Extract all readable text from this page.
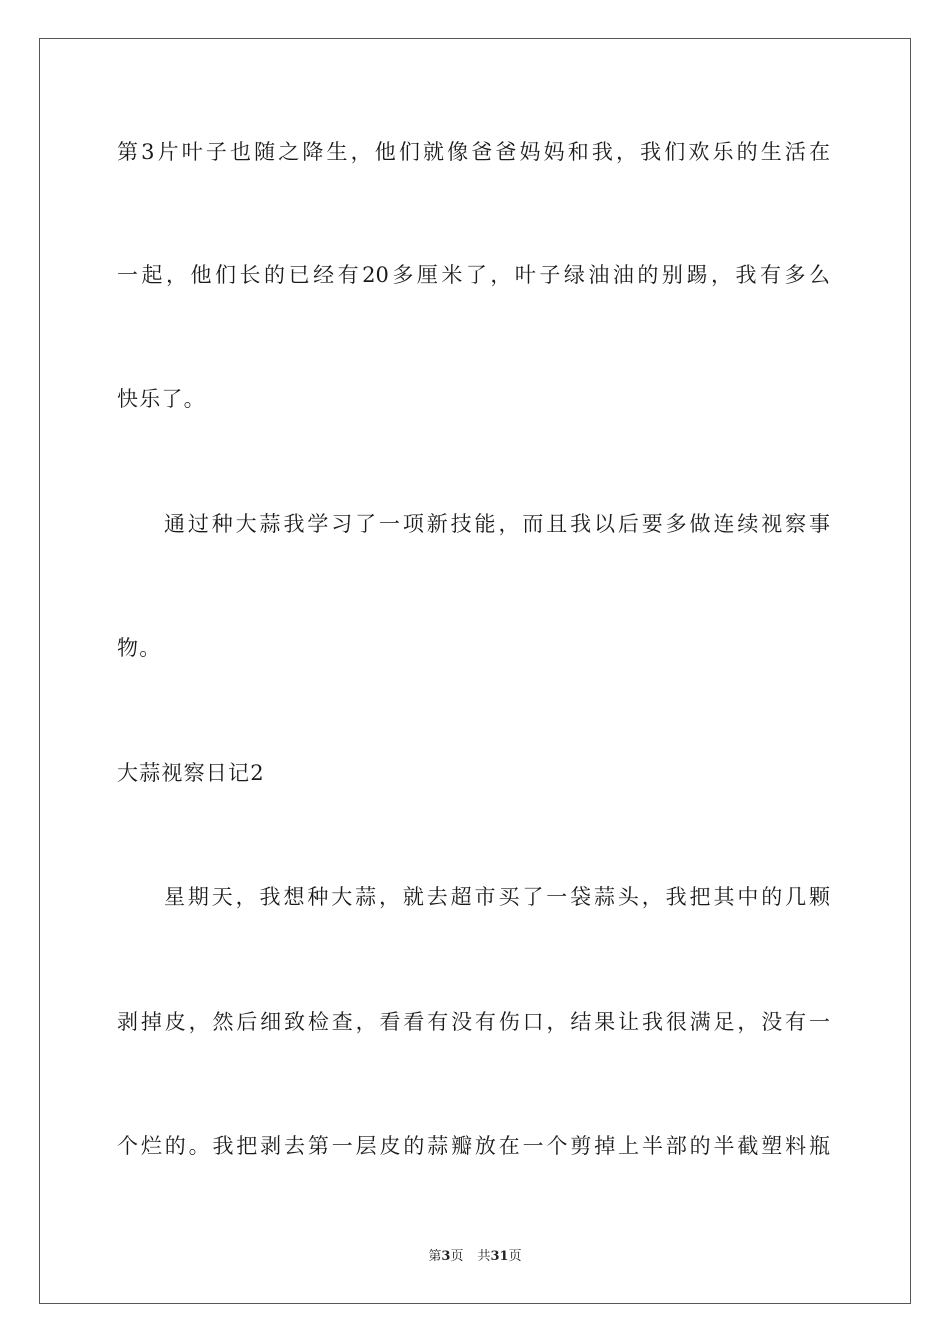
第3片叶子也随之降生，他们就像爸爸妈妈和我，我们欢乐的生活在
一起，他们长的已经有20多厘米了，叶子绿油油的别踢，我有多么
快乐了。
通过种大蒜我学习了一项新技能，而且我以后要多做连续视察事
物。
大蒜视察日记2
星期天，我想种大蒜，就去超市买了一袋蒜头，我把其中的几颗
剥掉皮，然后细致检查，看看有没有伤口，结果让我很满足，没有一
个烂的。我把剥去第一层皮的蒜瓣放在一个剪掉上半部的半截塑料瓶
第3页 共31页
